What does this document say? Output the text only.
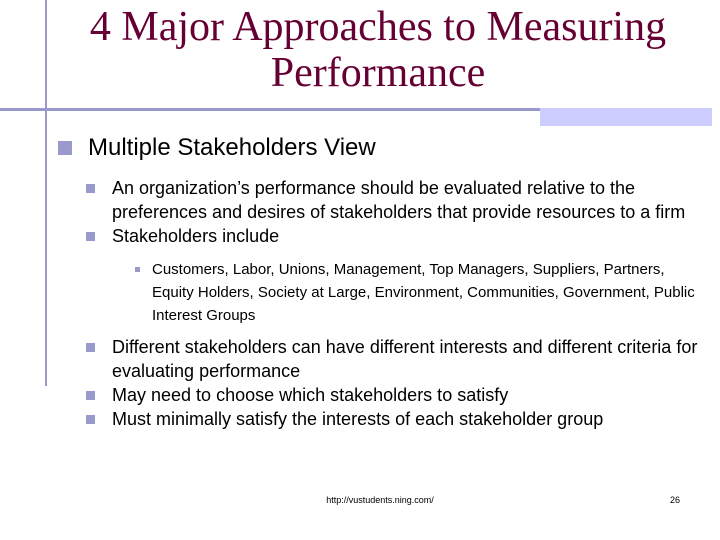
4 Major Approaches to Measuring Performance
Multiple Stakeholders View
An organization’s performance should be evaluated relative to the preferences and desires of stakeholders that provide resources to a firm
Stakeholders include
Customers, Labor, Unions, Management, Top Managers, Suppliers, Partners, Equity Holders, Society at Large, Environment, Communities, Government, Public Interest Groups
Different stakeholders can have different interests and different criteria for evaluating performance
May need to choose which stakeholders to satisfy
Must minimally satisfy the interests of each stakeholder group
http://vustudents.ning.com/	26
